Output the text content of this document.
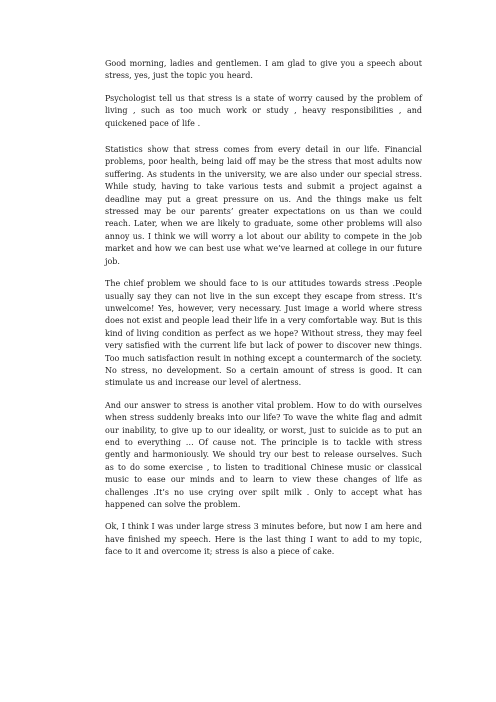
Good morning, ladies and gentlemen. I am glad to give you a speech about stress, yes, just the topic you heard.

Psychologist tell us that stress is a state of worry caused by the problem of living , such as too much work or study , heavy responsibilities , and quickened pace of life .

Statistics show that stress comes from every detail in our life. Financial problems, poor health, being laid off may be the stress that most adults now suffering. As students in the university, we are also under our special stress. While study, having to take various tests and submit a project against a deadline may put a great pressure on us. And the things make us felt stressed may be our parents’ greater expectations on us than we could reach. Later, when we are likely to graduate, some other problems will also annoy us. I think we will worry a lot about our ability to compete in the job market and how we can best use what we’ve learned at college in our future job.

The chief problem we should face to is our attitudes towards stress .People usually say they can not live in the sun except they escape from stress. It’s unwelcome! Yes, however, very necessary. Just image a world where stress does not exist and people lead their life in a very comfortable way. But is this kind of living condition as perfect as we hope? Without stress, they may feel very satisfied with the current life but lack of power to discover new things. Too much satisfaction result in nothing except a countermarch of the society. No stress, no development. So a certain amount of stress is good. It can stimulate us and increase our level of alertness.

And our answer to stress is another vital problem. How to do with ourselves when stress suddenly breaks into our life? To wave the white flag and admit our inability, to give up to our ideality, or worst, just to suicide as to put an end to everything … Of cause not. The principle is to tackle with stress gently and harmoniously. We should try our best to release ourselves. Such as to do some exercise , to listen to traditional Chinese music or classical music to ease our minds and to learn to view these changes of life as challenges .It’s no use crying over spilt milk . Only to accept what has happened can solve the problem.

Ok, I think I was under large stress 3 minutes before, but now I am here and have finished my speech. Here is the last thing I want to add to my topic, face to it and overcome it; stress is also a piece of cake.
